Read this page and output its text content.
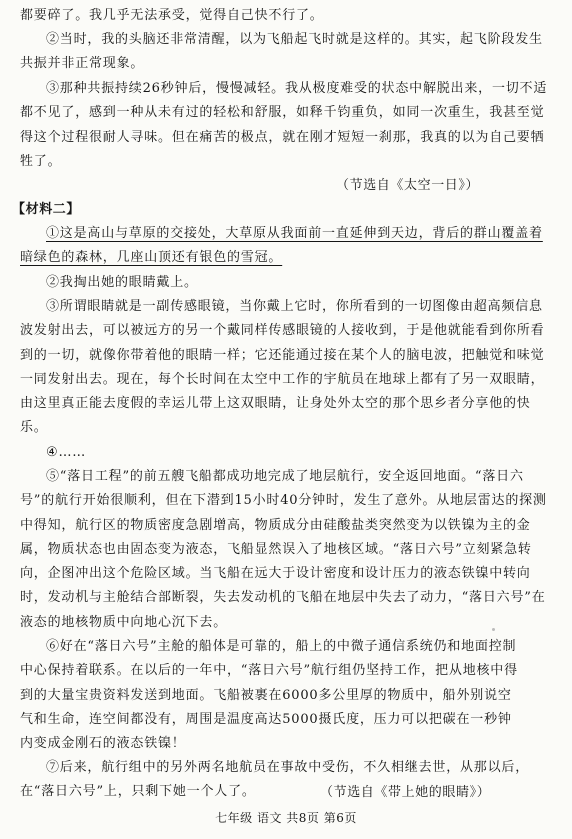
都要碎了。我几乎无法承受，觉得自己快不行了。

②当时，我的头脑还非常清醒，以为飞船起飞时就是这样的。其实，起飞阶段发生共振并非正常现象。

③那种共振持续26秒钟后，慢慢减轻。我从极度难受的状态中解脱出来，一切不适都不见了，感到一种从未有过的轻松和舒服，如释千钧重负，如同一次重生，我甚至觉得这个过程很耐人寻味。但在痛苦的极点，就在刚才短短一刹那，我真的以为自己要牺牲了。

（节选自《太空一日》）
【材料二】

①这是高山与草原的交接处，大草原从我面前一直延伸到天边，背后的群山覆盖着暗绿色的森林，几座山顶还有银色的雪冠。

②我掏出她的眼睛戴上。

③所谓眼睛就是一副传感眼镜，当你戴上它时，你所看到的一切图像由超高频信息波发射出去，可以被远方的另一个戴同样传感眼镜的人接收到，于是他就能看到你所看到的一切，就像你带着他的眼睛一样；它还能通过接在某个人的脑电波，把触觉和味觉一同发射出去。现在，每个长时间在太空中工作的宇航员在地球上都有了另一双眼睛，由这里真正能去度假的幸运儿带上这双眼睛，让身处外太空的那个思乡者分享他的快乐。

④……

⑤“落日工程”的前五艘飞船都成功地完成了地层航行，安全返回地面。“落日六号”的航行开始很顺利，但在下潜到15小时40分钟时，发生了意外。从地层雷达的探测中得知，航行区的物质密度急剧增高，物质成分由硅酸盐类突然变为以铁镍为主的金属，物质状态也由固态变为液态，飞船显然误入了地核区域。“落日六号”立刻紧急转向，企图冲出这个危险区域。当飞船在远大于设计密度和设计压力的液态铁镍中转向时，发动机与主舱结合部断裂，失去发动机的飞船在地层中失去了动力，“落日六号”在液态的地核物质中向地心沉下去。

⑥好在“落日六号”主舱的船体是可靠的，船上的中微子通信系统仍和地面控制中心保持着联系。在以后的一年中，“落日六号”航行组仍坚持工作，把从地核中得到的大量宝贵资料发送到地面。飞船被裹在6000多公里厚的物质中，船外别说空气和生命，连空间都没有，周围是温度高达5000摄氏度，压力可以把碳在一秒钟内变成金刚石的液态铁镍！

七年级 语文 共8页 第6页

⑦后来，航行组中的另外两名地航员在事故中受伤，不久相继去世，从那以后，在“落日六号”上，只剩下她一个人了。	（节选自《带上她的眼睛》）
